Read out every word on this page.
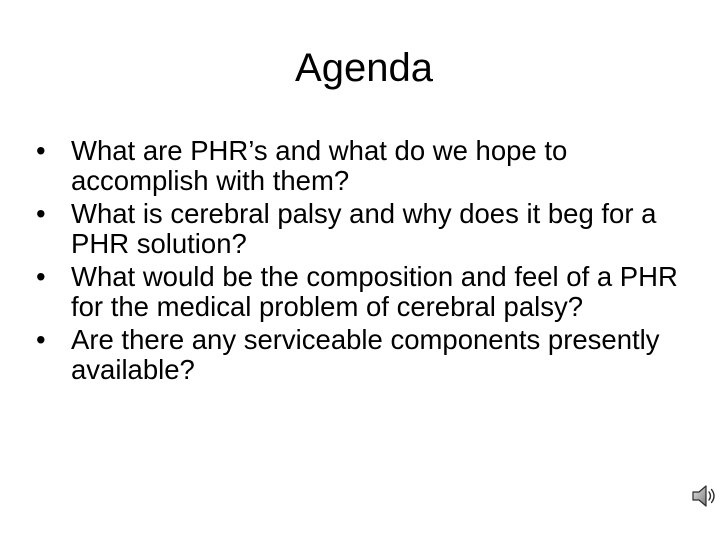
Agenda
• What are PHR’s and what do we hope to accomplish with them?
• What is cerebral palsy and why does it beg for a PHR solution?
• What would be the composition and feel of a PHR for the medical problem of cerebral palsy?
• Are there any serviceable components presently available?
